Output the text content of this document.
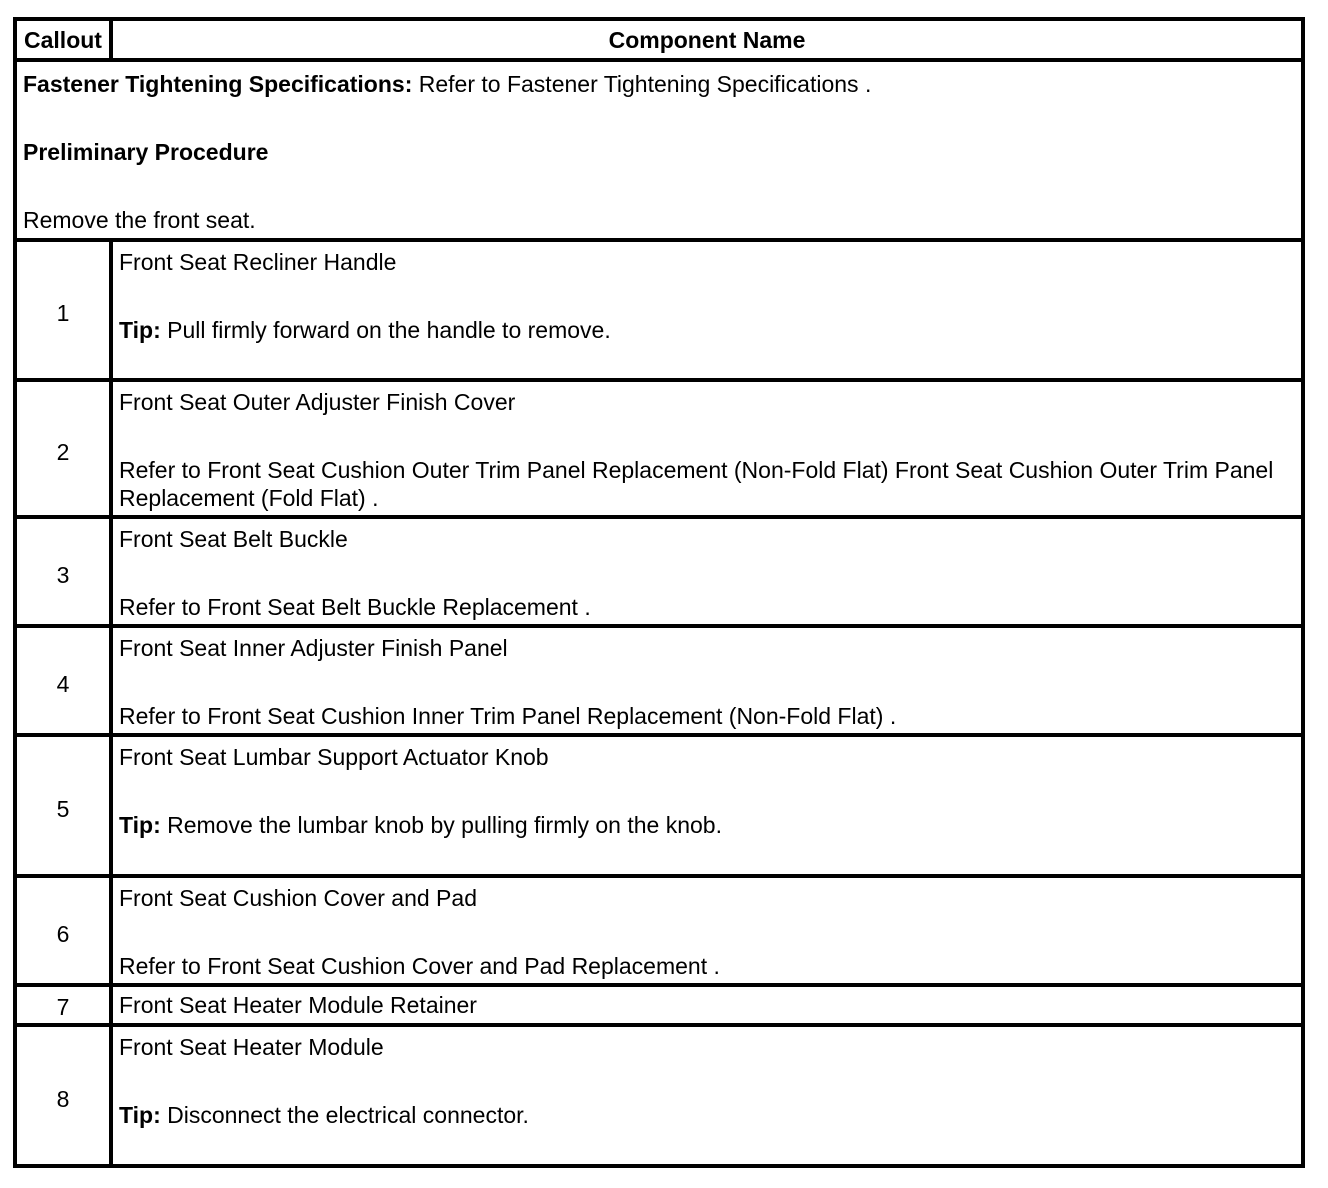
Callout	Component Name

Fastener Tightening Specifications: Refer to Fastener Tightening Specifications .

Preliminary Procedure

Remove the front seat.	

1	Front Seat Recliner Handle

Tip: Pull firmly forward on the handle to remove.

2	Front Seat Outer Adjuster Finish Cover

Refer to Front Seat Cushion Outer Trim Panel Replacement (Non-Fold Flat) Front Seat Cushion Outer Trim Panel Replacement (Fold Flat) .

3	Front Seat Belt Buckle

Refer to Front Seat Belt Buckle Replacement .

4	Front Seat Inner Adjuster Finish Panel

Refer to Front Seat Cushion Inner Trim Panel Replacement (Non-Fold Flat) .

5	Front Seat Lumbar Support Actuator Knob

Tip: Remove the lumbar knob by pulling firmly on the knob.

6	Front Seat Cushion Cover and Pad

Refer to Front Seat Cushion Cover and Pad Replacement .

7	Front Seat Heater Module Retainer

8	Front Seat Heater Module

Tip: Disconnect the electrical connector.
